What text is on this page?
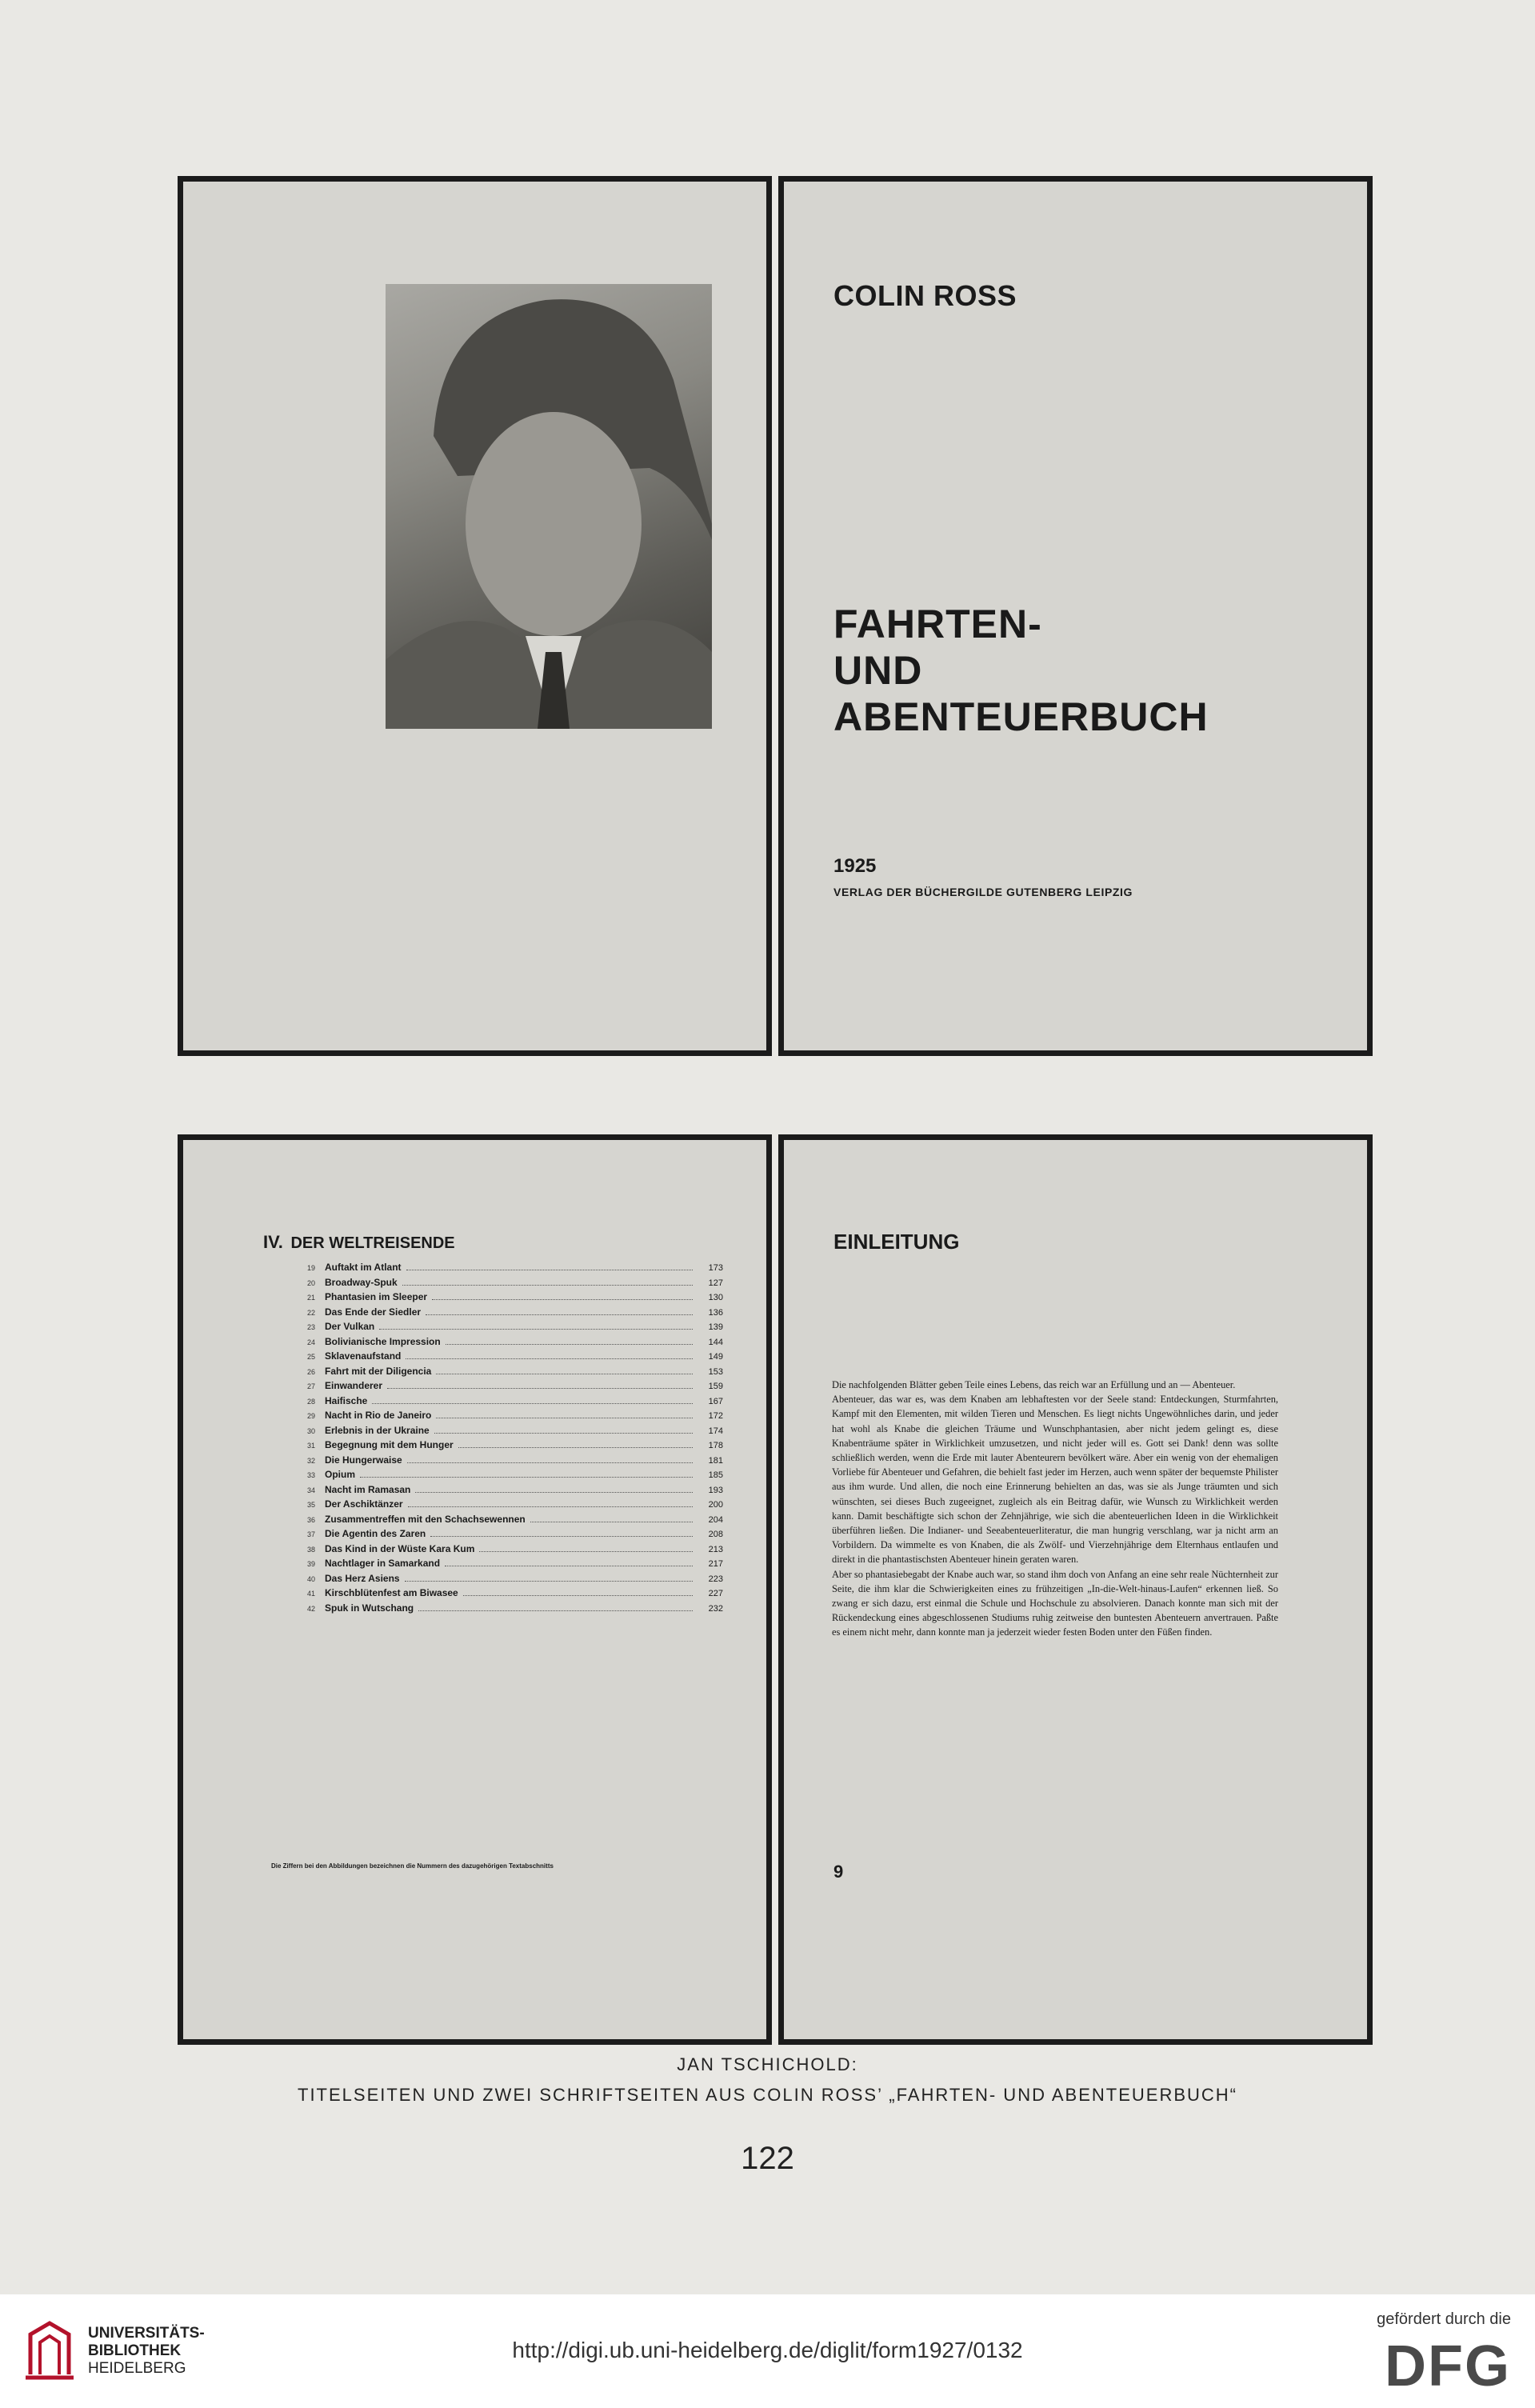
COLIN ROSS
FAHRTEN-
UND
ABENTEUERBUCH
1925
VERLAG DER BÜCHERGILDE GUTENBERG LEIPZIG
IV. DER WELTREISENDE
19 Auftakt im Atlant	173
20 Broadway-Spuk	127
21 Phantasien im Sleeper	130
22 Das Ende der Siedler	136
23 Der Vulkan	139
24 Bolivianische Impression	144
25 Sklavenaufstand	149
26 Fahrt mit der Diligencia	153
27 Einwanderer	159
28 Haifische	167
29 Nacht in Rio de Janeiro	172
30 Erlebnis in der Ukraine	174
31 Begegnung mit dem Hunger	178
32 Die Hungerwaise	181
33 Opium	185
34 Nacht im Ramasan	193
35 Der Aschiktänzer	200
36 Zusammentreffen mit den Schachsewennen	204
37 Die Agentin des Zaren	208
38 Das Kind in der Wüste Kara Kum	213
39 Nachtlager in Samarkand	217
40 Das Herz Asiens	223
41 Kirschblütenfest am Biwasee	227
42 Spuk in Wutschang	232
Die Ziffern bei den Abbildungen bezeichnen die Nummern des dazugehörigen Textabschnitts
EINLEITUNG

Die nachfolgenden Blätter geben Teile eines Lebens, das reich war an Erfüllung und an — Abenteuer.

Abenteuer, das war es, was dem Knaben am lebhaftesten vor der Seele stand: Entdeckungen, Sturmfahrten, Kampf mit den Elementen, mit wilden Tieren und Menschen. Es liegt nichts Ungewöhnliches darin, und jeder hat wohl als Knabe die gleichen Träume und Wunschphantasien, aber nicht jedem gelingt es, diese Knabenträume später in Wirklichkeit umzusetzen, und nicht jeder will es. Gott sei Dank! denn was sollte schließlich werden, wenn die Erde mit lauter Abenteurern bevölkert wäre. Aber ein wenig von der ehemaligen Vorliebe für Abenteuer und Gefahren, die behielt fast jeder im Herzen, auch wenn später der bequemste Philister aus ihm wurde. Und allen, die noch eine Erinnerung behielten an das, was sie als Junge träumten und sich wünschten, sei dieses Buch zugeeignet, zugleich als ein Beitrag dafür, wie Wunsch zu Wirklichkeit werden kann. Damit beschäftigte sich schon der Zehnjährige, wie sich die abenteuerlichen Ideen in die Wirklichkeit überführen ließen. Die Indianer- und Seeabenteuerliteratur, die man hungrig verschlang, war ja nicht arm an Vorbildern. Da wimmelte es von Knaben, die als Zwölf- und Vierzehnjährige dem Elternhaus entlaufen und direkt in die phantastischsten Abenteuer hinein geraten waren.

Aber so phantasiebegabt der Knabe auch war, so stand ihm doch von Anfang an eine sehr reale Nüchternheit zur Seite, die ihm klar die Schwierigkeiten eines zu frühzeitigen „In-die-Welt-hinaus-Laufen“ erkennen ließ. So zwang er sich dazu, erst einmal die Schule und Hochschule zu absolvieren. Danach konnte man sich mit der Rückendeckung eines abgeschlossenen Studiums ruhig zeitweise den buntesten Abenteuern anvertrauen. Paßte es einem nicht mehr, dann konnte man ja jederzeit wieder festen Boden unter den Füßen finden.

9
JAN TSCHICHOLD:
TITELSEITEN UND ZWEI SCHRIFTSEITEN AUS COLIN ROSS’ „FAHRTEN- UND ABENTEUERBUCH“
122
UNIVERSITÄTS-
BIBLIOTHEK
HEIDELBERG
http://digi.ub.uni-heidelberg.de/diglit/form1927/0132
gefördert durch die
DFG
